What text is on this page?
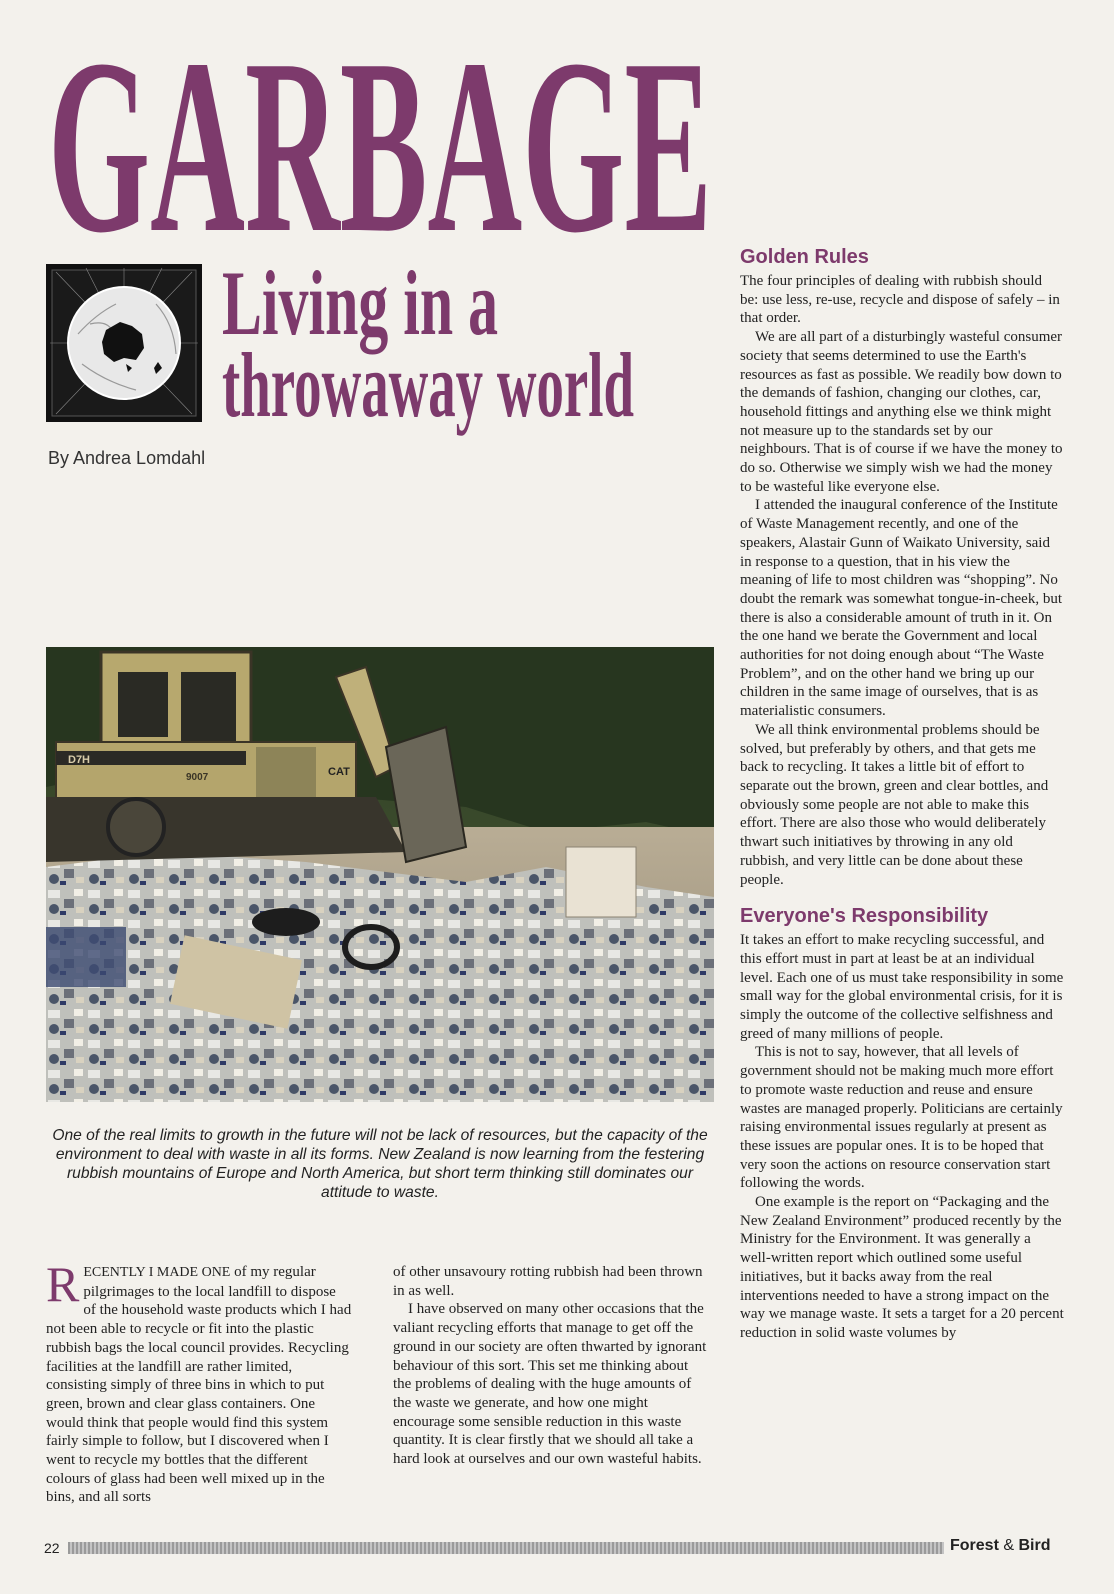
GARBAGE
Living in a
throwaway world
By Andrea Lomdahl
D7H
9007	CAT

One of the real limits to growth in the future will not be lack of resources, but the capacity of the environment to deal with waste in all its forms. New Zealand is now learning from the festering rubbish mountains of Europe and North America, but short term thinking still dominates our attitude to waste.

RECENTLY I MADE ONE of my regular pilgrimages to the local landfill to dispose of the household waste products which I had not been able to recycle or fit into the plastic rubbish bags the local council provides. Recycling facilities at the landfill are rather limited, consisting simply of three bins in which to put green, brown and clear glass containers. One would think that people would find this system fairly simple to follow, but I discovered when I went to recycle my bottles that the different colours of glass had been well mixed up in the bins, and all sorts

of other unsavoury rotting rubbish had been thrown in as well.

I have observed on many other occasions that the valiant recycling efforts that manage to get off the ground in our society are often thwarted by ignorant behaviour of this sort. This set me thinking about the problems of dealing with the huge amounts of the waste we generate, and how one might encourage some sensible reduction in this waste quantity. It is clear firstly that we should all take a hard look at ourselves and our own wasteful habits.

Golden Rules

The four principles of dealing with rubbish should be: use less, re-use, recycle and dispose of safely – in that order.

We are all part of a disturbingly wasteful consumer society that seems determined to use the Earth's resources as fast as possible. We readily bow down to the demands of fashion, changing our clothes, car, household fittings and anything else we think might not measure up to the standards set by our neighbours. That is of course if we have the money to do so. Otherwise we simply wish we had the money to be wasteful like everyone else.

I attended the inaugural conference of the Institute of Waste Management recently, and one of the speakers, Alastair Gunn of Waikato University, said in response to a question, that in his view the meaning of life to most children was “shopping”. No doubt the remark was somewhat tongue-in-cheek, but there is also a considerable amount of truth in it. On the one hand we berate the Government and local authorities for not doing enough about “The Waste Problem”, and on the other hand we bring up our children in the same image of ourselves, that is as materialistic consumers.

We all think environmental problems should be solved, but preferably by others, and that gets me back to recycling. It takes a little bit of effort to separate out the brown, green and clear bottles, and obviously some people are not able to make this effort. There are also those who would deliberately thwart such initiatives by throwing in any old rubbish, and very little can be done about these people.

Everyone's Responsibility

It takes an effort to make recycling successful, and this effort must in part at least be at an individual level. Each one of us must take responsibility in some small way for the global environmental crisis, for it is simply the outcome of the collective selfishness and greed of many millions of people.

This is not to say, however, that all levels of government should not be making much more effort to promote waste reduction and reuse and ensure wastes are managed properly. Politicians are certainly raising environmental issues regularly at present as these issues are popular ones. It is to be hoped that very soon the actions on resource conservation start following the words.

One example is the report on “Packaging and the New Zealand Environment” produced recently by the Ministry for the Environment. It was generally a well-written report which outlined some useful initiatives, but it backs away from the real interventions needed to have a strong impact on the way we manage waste. It sets a target for a 20 percent reduction in solid waste volumes by

22	Forest & Bird
